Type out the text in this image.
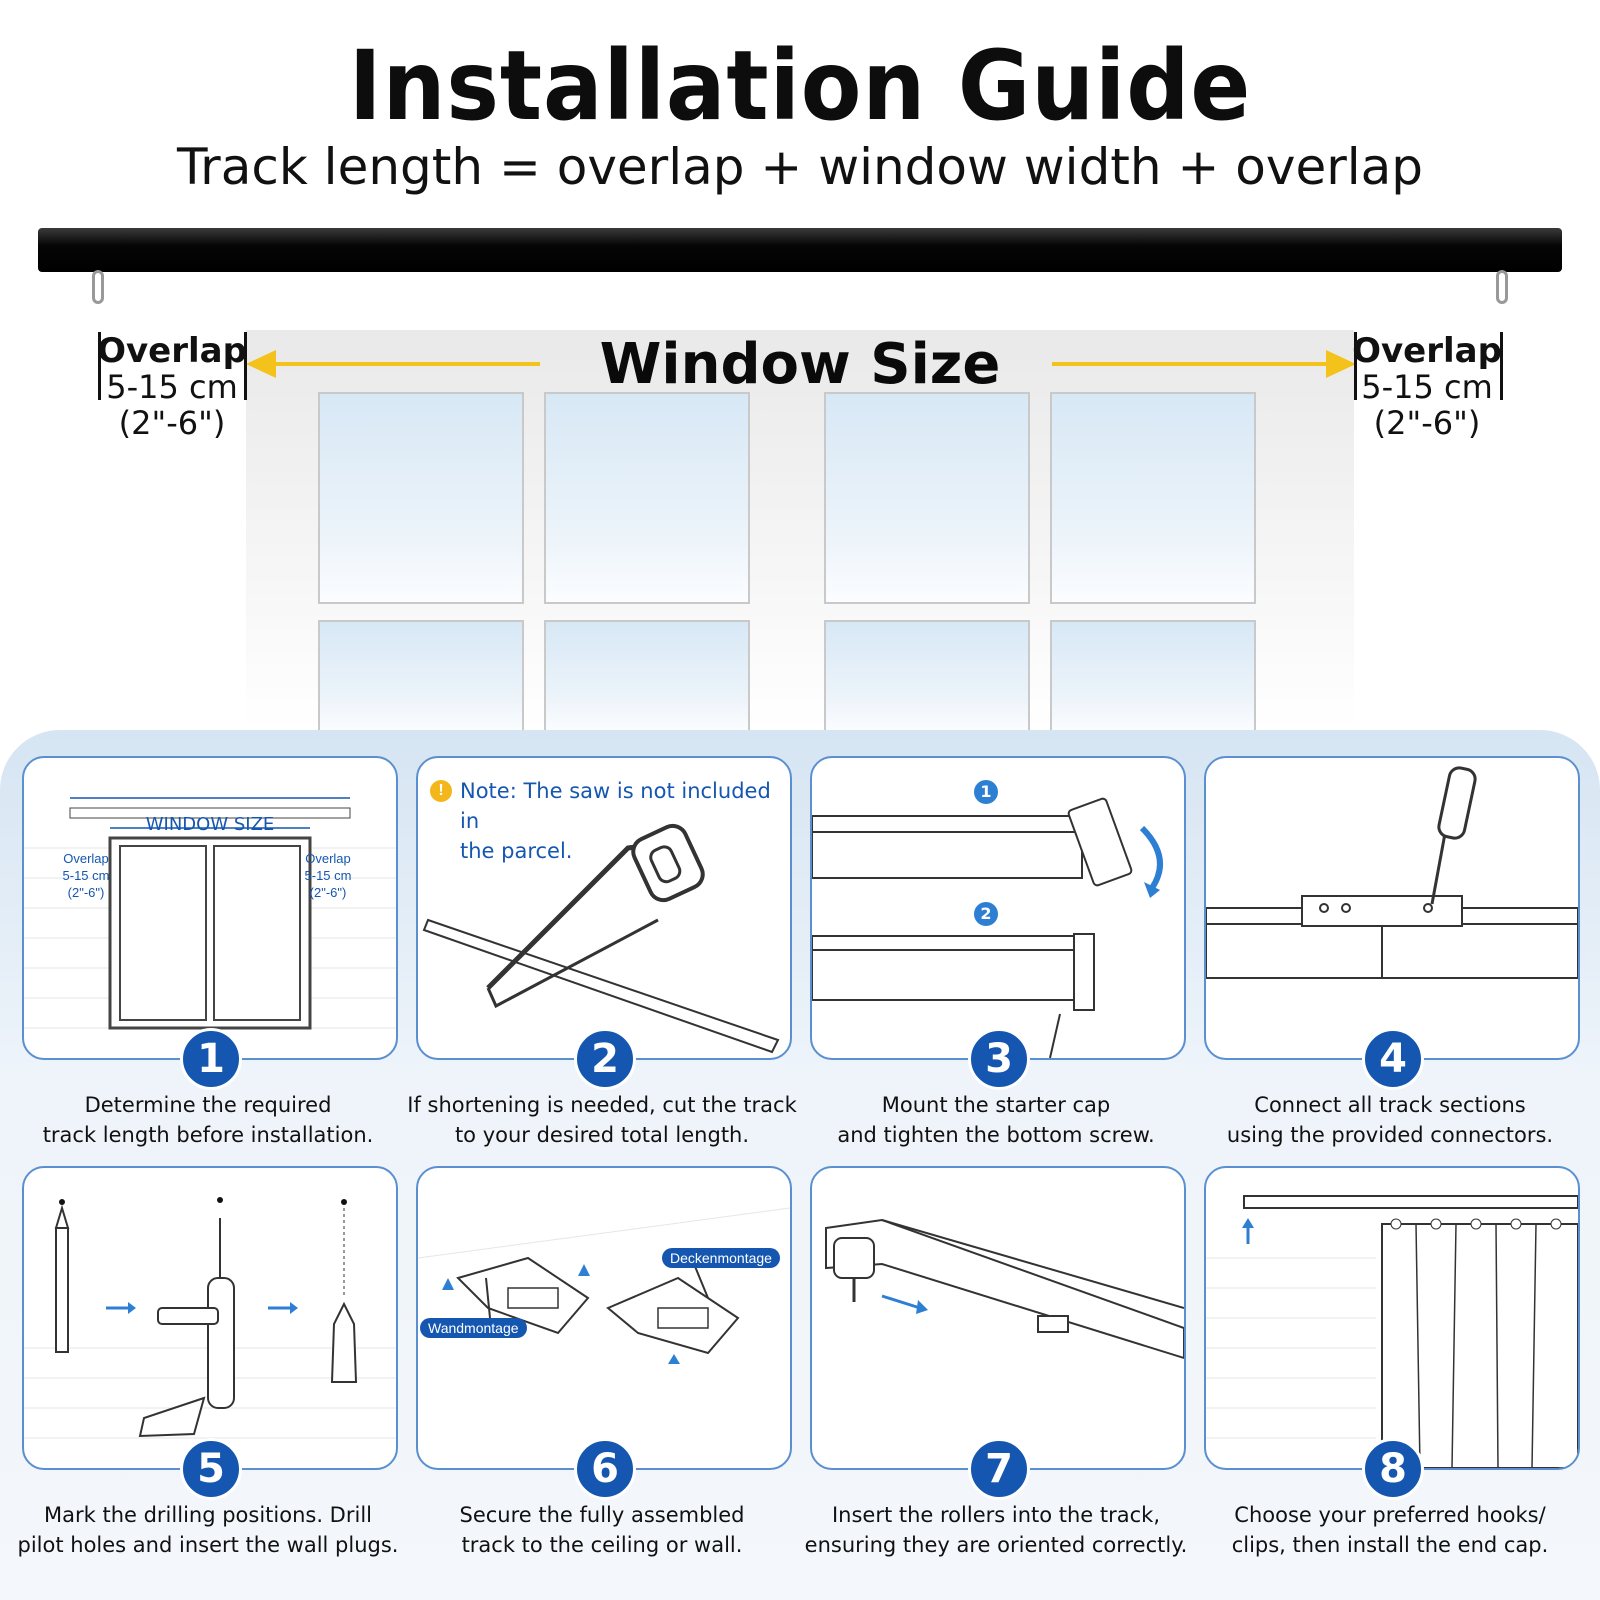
Installation Guide
Track length = overlap + window width + overlap
Window Size
Overlap
5-15 cm
(2"-6")
Overlap
5-15 cm
(2"-6")
WINDOW SIZE
Overlap
5-15 cm
(2"-6")
Overlap
5-15 cm
(2"-6")
1
Determine the required
track length before installation.
! Note: The saw is not included in
the parcel.
2
If shortening is needed, cut the track
to your desired total length.
1
2
3
Mount the starter cap
and tighten the bottom screw.
4
Connect all track sections
using the provided connectors.
5
Mark the drilling positions. Drill
pilot holes and insert the wall plugs.
Wandmontage
Deckenmontage
6
Secure the fully assembled
track to the ceiling or wall.
7
Insert the rollers into the track,
ensuring they are oriented correctly.
8
Choose your preferred hooks/
clips, then install the end cap.
